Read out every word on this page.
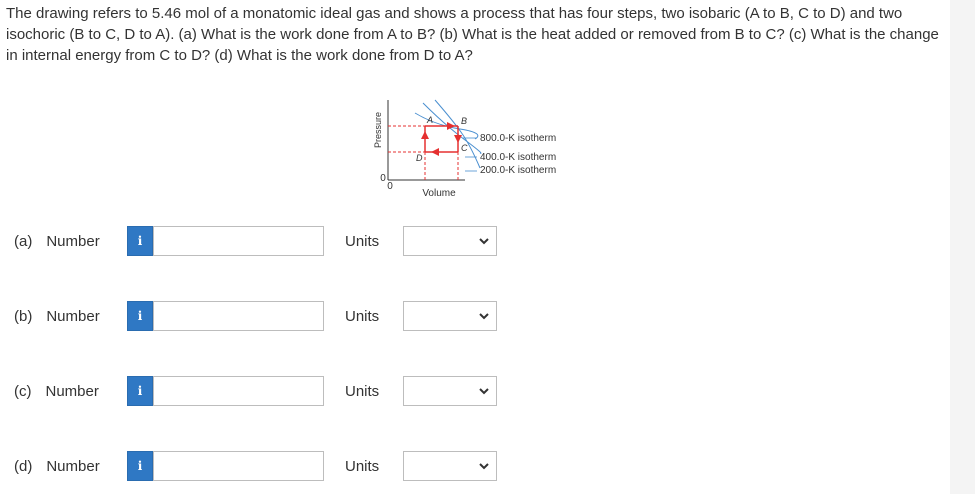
The drawing refers to 5.46 mol of a monatomic ideal gas and shows a process that has four steps, two isobaric (A to B, C to D) and two isochoric (B to C, D to A). (a) What is the work done from A to B? (b) What is the heat added or removed from B to C? (c) What is the change in internal energy from C to D? (d) What is the work done from D to A?
Pressure
Volume
0
0
A	B
C
D
800.0-K isotherm
400.0-K isotherm
200.0-K isotherm
(a) Number	i	Units
(b) Number	i	Units
(c) Number	i	Units
(d) Number	i	Units
